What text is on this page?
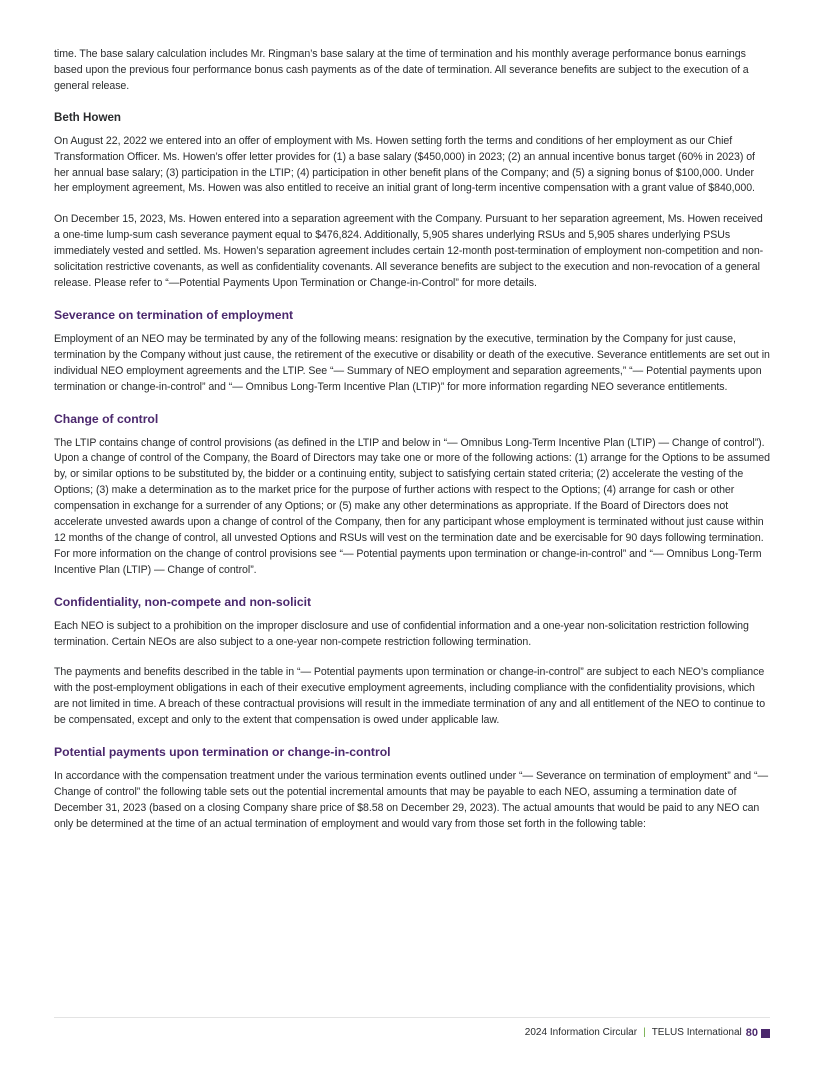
time. The base salary calculation includes Mr. Ringman’s base salary at the time of termination and his monthly average performance bonus earnings based upon the previous four performance bonus cash payments as of the date of termination. All severance benefits are subject to the execution of a general release.

Beth Howen

On August 22, 2022 we entered into an offer of employment with Ms. Howen setting forth the terms and conditions of her employment as our Chief Transformation Officer. Ms. Howen’s offer letter provides for (1) a base salary ($450,000) in 2023; (2) an annual incentive bonus target (60% in 2023) of her annual base salary; (3) participation in the LTIP; (4) participation in other benefit plans of the Company; and (5) a signing bonus of $100,000. Under her employment agreement, Ms. Howen was also entitled to receive an initial grant of long-term incentive compensation with a grant value of $840,000.

On December 15, 2023, Ms. Howen entered into a separation agreement with the Company. Pursuant to her separation agreement, Ms. Howen received a one-time lump-sum cash severance payment equal to $476,824. Additionally, 5,905 shares underlying RSUs and 5,905 shares underlying PSUs immediately vested and settled. Ms. Howen’s separation agreement includes certain 12-month post-termination of employment non-competition and non-solicitation restrictive covenants, as well as confidentiality covenants. All severance benefits are subject to the execution and non-revocation of a general release. Please refer to “—Potential Payments Upon Termination or Change-in-Control” for more details.

Severance on termination of employment

Employment of an NEO may be terminated by any of the following means: resignation by the executive, termination by the Company for just cause, termination by the Company without just cause, the retirement of the executive or disability or death of the executive. Severance entitlements are set out in individual NEO employment agreements and the LTIP. See “— Summary of NEO employment and separation agreements,” “— Potential payments upon termination or change-in-control” and “— Omnibus Long-Term Incentive Plan (LTIP)” for more information regarding NEO severance entitlements.

Change of control

The LTIP contains change of control provisions (as defined in the LTIP and below in “— Omnibus Long-Term Incentive Plan (LTIP) — Change of control”). Upon a change of control of the Company, the Board of Directors may take one or more of the following actions: (1) arrange for the Options to be assumed by, or similar options to be substituted by, the bidder or a continuing entity, subject to satisfying certain stated criteria; (2) accelerate the vesting of the Options; (3) make a determination as to the market price for the purpose of further actions with respect to the Options; (4) arrange for cash or other compensation in exchange for a surrender of any Options; or (5) make any other determinations as appropriate. If the Board of Directors does not accelerate unvested awards upon a change of control of the Company, then for any participant whose employment is terminated without just cause within 12 months of the change of control, all unvested Options and RSUs will vest on the termination date and be exercisable for 90 days following termination. For more information on the change of control provisions see “— Potential payments upon termination or change-in-control” and “— Omnibus Long-Term Incentive Plan (LTIP) — Change of control”.

Confidentiality, non-compete and non-solicit

Each NEO is subject to a prohibition on the improper disclosure and use of confidential information and a one-year non-solicitation restriction following termination. Certain NEOs are also subject to a one-year non-compete restriction following termination.

The payments and benefits described in the table in “— Potential payments upon termination or change-in-control” are subject to each NEO’s compliance with the post-employment obligations in each of their executive employment agreements, including compliance with the confidentiality provisions, which are not limited in time. A breach of these contractual provisions will result in the immediate termination of any and all entitlement of the NEO to continue to be compensated, except and only to the extent that compensation is owed under applicable law.

Potential payments upon termination or change-in-control

In accordance with the compensation treatment under the various termination events outlined under “— Severance on termination of employment” and “— Change of control” the following table sets out the potential incremental amounts that may be payable to each NEO, assuming a termination date of December 31, 2023 (based on a closing Company share price of $8.58 on December 29, 2023). The actual amounts that would be paid to any NEO can only be determined at the time of an actual termination of employment and would vary from those set forth in the following table:

2024 Information Circular | TELUS International 80
